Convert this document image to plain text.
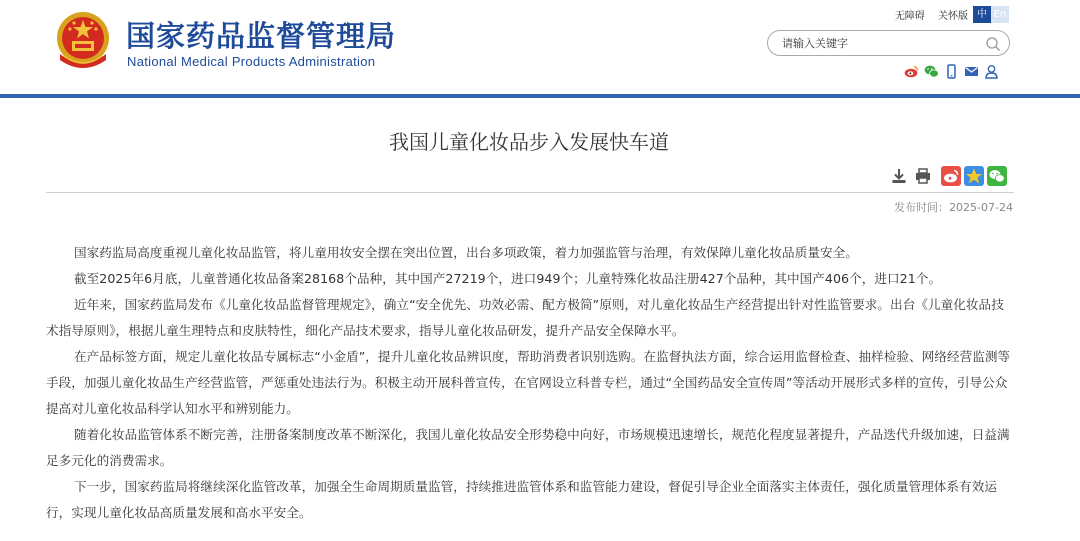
国家药品监督管理局
National Medical Products Administration
无障碍 关怀版 中 En
请输入关键字
我国儿童化妆品步入发展快车道
发布时间：2025-07-24

国家药监局高度重视儿童化妆品监管，将儿童用妆安全摆在突出位置，出台多项政策，着力加强监管与治理，有效保障儿童化妆品质量安全。

截至2025年6月底，儿童普通化妆品备案28168个品种，其中国产27219个，进口949个；儿童特殊化妆品注册427个品种，其中国产406个，进口21个。

近年来，国家药监局发布《儿童化妆品监督管理规定》，确立“安全优先、功效必需、配方极简”原则，对儿童化妆品生产经营提出针对性监管要求。出台《儿童化妆品技术指导原则》，根据儿童生理特点和皮肤特性，细化产品技术要求，指导儿童化妆品研发，提升产品安全保障水平。

在产品标签方面，规定儿童化妆品专属标志“小金盾”，提升儿童化妆品辨识度，帮助消费者识别选购。在监督执法方面，综合运用监督检查、抽样检验、网络经营监测等手段，加强儿童化妆品生产经营监管，严惩重处违法行为。积极主动开展科普宣传，在官网设立科普专栏，通过“全国药品安全宣传周”等活动开展形式多样的宣传，引导公众提高对儿童化妆品科学认知水平和辨别能力。

随着化妆品监管体系不断完善，注册备案制度改革不断深化，我国儿童化妆品安全形势稳中向好，市场规模迅速增长，规范化程度显著提升，产品迭代升级加速，日益满足多元化的消费需求。

下一步，国家药监局将继续深化监管改革，加强全生命周期质量监管，持续推进监管体系和监管能力建设，督促引导企业全面落实主体责任，强化质量管理体系有效运行，实现儿童化妆品高质量发展和高水平安全。
